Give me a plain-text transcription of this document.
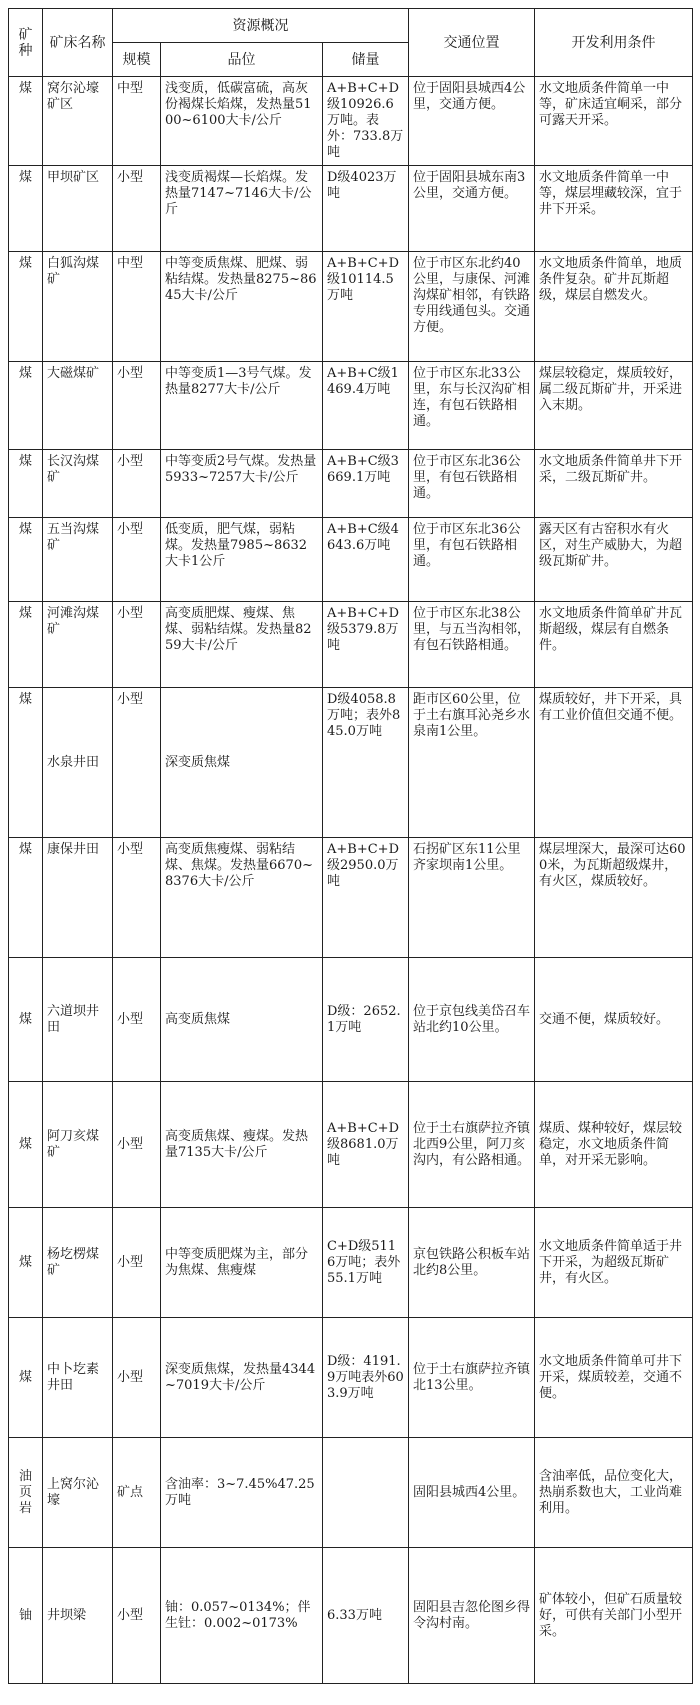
矿种	矿床名称	资源概况			交通位置	开发利用条件
		规模	品位	储量		
煤	窝尔沁壕矿区	中型	浅变质，低碳富硫，高灰份褐煤长焰煤，发热量5100~6100大卡/公斤	A+B+C+D级10926.6万吨。表外：733.8万吨	位于固阳县城西4公里，交通方便。	水文地质条件简单一中等，矿床适宜峒采，部分可露天开采。
煤	甲坝矿区	小型	浅变质褐煤—长焰煤。发热量7147~7146大卡/公斤	D级4023万吨	位于固阳县城东南3公里，交通方便。	水文地质条件简单一中等，煤层埋藏较深，宜于井下开采。
煤	白狐沟煤矿	中型	中等变质焦煤、肥煤、弱粘结煤。发热量8275~8645大卡/公斤	A+B+C+D级10114.5万吨	位于市区东北约40公里，与康保、河滩沟煤矿相邻，有铁路专用线通包头。交通方便。	水文地质条件简单，地质条件复杂。矿井瓦斯超级，煤层自燃发火。
煤	大磁煤矿	小型	中等变质1—3号气煤。发热量8277大卡/公斤	A+B+C级1469.4万吨	位于市区东北33公里，东与长汉沟矿相连，有包石铁路相通。	煤层较稳定，煤质较好，属二级瓦斯矿井，开采进入末期。
煤	长汉沟煤矿	小型	中等变质2号气煤。发热量5933~7257大卡/公斤	A+B+C级3669.1万吨	位于市区东北36公里，有包石铁路相通。	水文地质条件简单井下开采，二级瓦斯矿井。
煤	五当沟煤矿	小型	低变质，肥气煤，弱粘煤。发热量7985~8632大卡1公斤	A+B+C级4643.6万吨	位于市区东北36公里，有包石铁路相通。	露天区有古窑积水有火区，对生产威胁大，为超级瓦斯矿井。
煤	河滩沟煤矿	小型	高变质肥煤、瘦煤、焦煤、弱粘结煤。发热量8259大卡/公斤	A+B+C+D级5379.8万吨	位于市区东北38公里，与五当沟相邻，有包石铁路相通。	水文地质条件简单矿井瓦斯超级，煤层有自燃条件。
煤	水泉井田	小型	深变质焦煤	D级4058.8万吨；表外845.0万吨	距市区60公里，位于土右旗耳沁尧乡水泉南1公里。	煤质较好，井下开采，具有工业价值但交通不便。
煤	康保井田	小型	高变质焦瘦煤、弱粘结煤、焦煤。发热量6670~8376大卡/公斤	A+B+C+D级2950.0万吨	石拐矿区东11公里齐家坝南1公里。	煤层埋深大，最深可达600米，为瓦斯超级煤井，有火区，煤质较好。
煤	六道坝井田	小型	高变质焦煤	D级：2652.1万吨	位于京包线美岱召车站北约10公里。	交通不便，煤质较好。
煤	阿刀亥煤矿	小型	高变质焦煤、瘦煤。发热量7135大卡/公斤	A+B+C+D级8681.0万吨	位于土右旗萨拉齐镇北西9公里，阿刀亥沟内，有公路相通。	煤质、煤种较好，煤层较稳定，水文地质条件简单，对开采无影响。
煤	杨圪楞煤矿	小型	中等变质肥煤为主，部分为焦煤、焦瘦煤	C+D级5116万吨；表外55.1万吨	京包铁路公积板车站北约8公里。	水文地质条件简单适于井下开采，为超级瓦斯矿井，有火区。
煤	中卜圪素井田	小型	深变质焦煤，发热量4344~7019大卡/公斤	D级：4191.9万吨表外603.9万吨	位于土右旗萨拉齐镇北13公里。	水文地质条件简单可井下开采，煤质较差，交通不便。
油页岩	上窝尔沁壕	矿点	含油率：3~7.45%47.25万吨		固阳县城西4公里。	含油率低，品位变化大，热崩系数也大，工业尚难利用。
铀	井坝梁	小型	铀：0.057~0134%；伴生钍：0.002~0173%	6.33万吨	固阳县吉忽伦图乡得令沟村南。	矿体较小，但矿石质量较好，可供有关部门小型开采。
